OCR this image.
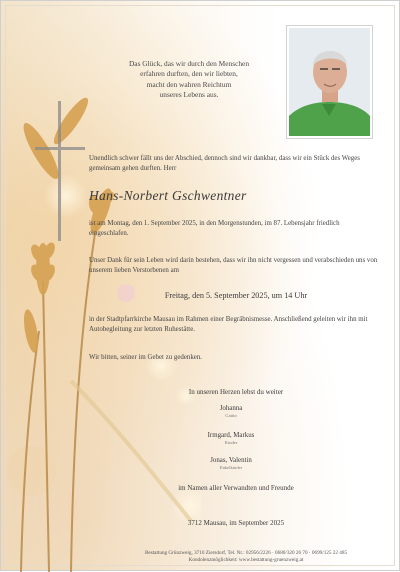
Das Glück, das wir durch den Menschen
erfahren durften, den wir liebten,
macht den wahren Reichtum
unseres Lebens aus.
Unendlich schwer fällt uns der Abschied, dennoch sind wir dankbar, dass wir ein Stück des Weges gemeinsam gehen durften. Herr
Hans-Norbert Gschwentner
ist am Montag, den 1. September 2025, in den Morgenstunden, im 87. Lebensjahr friedlich eingeschlafen.
Unser Dank für sein Leben wird darin bestehen, dass wir ihn nicht vergessen und verabschieden uns von unserem lieben Verstorbenen am
Freitag, den 5. September 2025, um 14 Uhr
in der Stadtpfarrkirche Mausau im Rahmen einer Begräbnismesse. Anschließend geleiten wir ihn mit Autobegleitung zur letzten Ruhestätte.
Wir bitten, seiner im Gebet zu gedenken.
In unseren Herzen lebst du weiter
Johanna
Gattin
Irmgard, Markus
Kinder
Jonas, Valentin
Enkelkinder
im Namen aller Verwandten und Freunde
3712 Mausau, im September 2025
Bestattung Grünzweig, 3710 Ziersdorf, Tel. Nr.: 02956/2226 · 0680/320 26 70 · 0699/125 22 485
Kondolenzmöglichkeit: www.bestattung-gruenzweig.at
